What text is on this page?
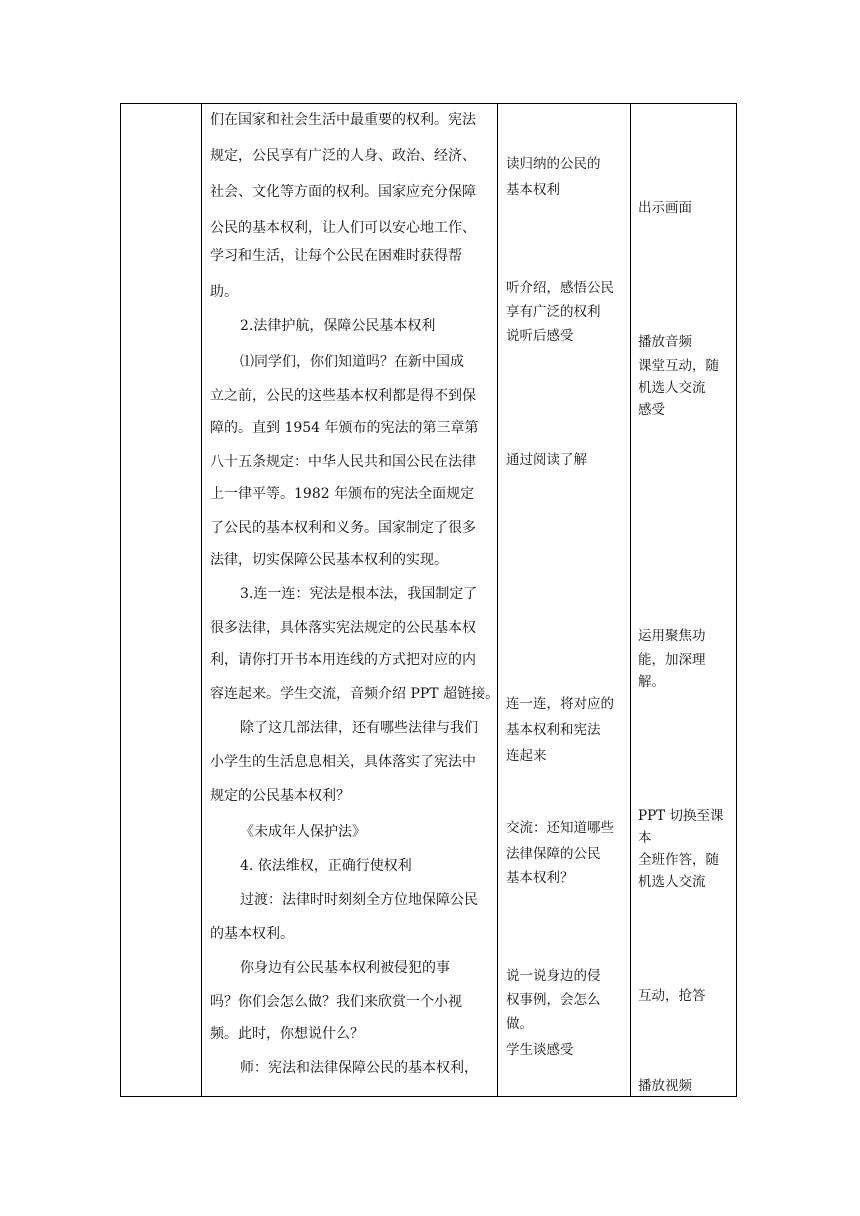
们在国家和社会生活中最重要的权利。宪法
规定，公民享有广泛的人身、政治、经济、
社会、文化等方面的权利。国家应充分保障
公民的基本权利，让人们可以安心地工作、
学习和生活，让每个公民在困难时获得帮
助。
2.法律护航，保障公民基本权利
⑴同学们，你们知道吗？在新中国成
立之前，公民的这些基本权利都是得不到保
障的。直到 1954 年颁布的宪法的第三章第
八十五条规定：中华人民共和国公民在法律
上一律平等。1982 年颁布的宪法全面规定
了公民的基本权利和义务。国家制定了很多
法律，切实保障公民基本权利的实现。
3.连一连：宪法是根本法，我国制定了
很多法律，具体落实宪法规定的公民基本权
利，请你打开书本用连线的方式把对应的内
容连起来。学生交流，音频介绍 PPT 超链接。
除了这几部法律，还有哪些法律与我们
小学生的生活息息相关，具体落实了宪法中
规定的公民基本权利？
《未成年人保护法》
4. 依法维权，正确行使权利
过渡：法律时时刻刻全方位地保障公民
的基本权利。
你身边有公民基本权利被侵犯的事
吗？你们会怎么做？我们来欣赏一个小视
频。此时，你想说什么？
师：宪法和法律保障公民的基本权利，
读归纳的公民的
基本权利
听介绍，感悟公民
享有广泛的权利
说听后感受
通过阅读了解
连一连，将对应的
基本权利和宪法
连起来
交流：还知道哪些
法律保障的公民
基本权利？
说一说身边的侵
权事例，会怎么
做。
学生谈感受
出示画面
播放音频
课堂互动，随
机选人交流
感受
运用聚焦功
能，加深理
解。
PPT 切换至课
本
全班作答，随
机选人交流
互动，抢答
播放视频
